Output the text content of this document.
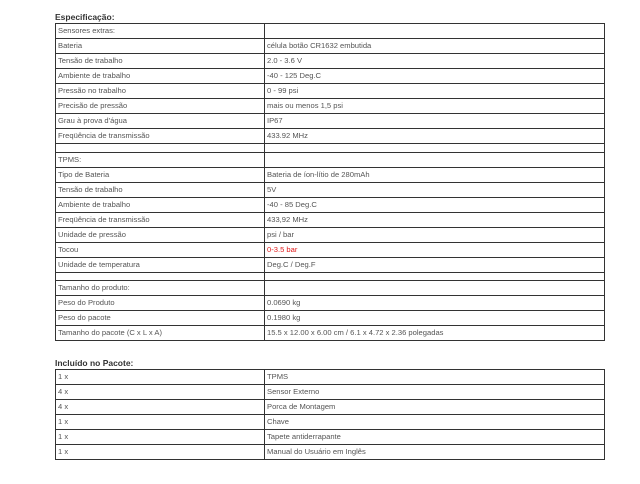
Especificação:
Sensores extras:	
Bateria	célula botão CR1632 embutida
Tensão de trabalho	2.0 - 3.6 V
Ambiente de trabalho	-40 - 125 Deg.C
Pressão no trabalho	0 - 99 psi
Precisão de pressão	mais ou menos 1,5 psi
Grau à prova d'água	IP67
Freqüência de transmissão	433.92 MHz

TPMS:	
Tipo de Bateria	Bateria de íon-lítio de 280mAh
Tensão de trabalho	5V
Ambiente de trabalho	-40 - 85 Deg.C
Freqüência de transmissão	433,92 MHz
Unidade de pressão	psi / bar
Tocou	0-3.5 bar
Unidade de temperatura	Deg.C / Deg.F

Tamanho do produto:	
Peso do Produto	0.0690 kg
Peso do pacote	0.1980 kg
Tamanho do pacote (C x L x A)	15.5 x 12.00 x 6.00 cm / 6.1 x 4.72 x 2.36 polegadas
Incluído no Pacote:
1 x	TPMS
4 x	Sensor Externo
4 x	Porca de Montagem
1 x	Chave
1 x	Tapete antiderrapante
1 x	Manual do Usuário em Inglês
